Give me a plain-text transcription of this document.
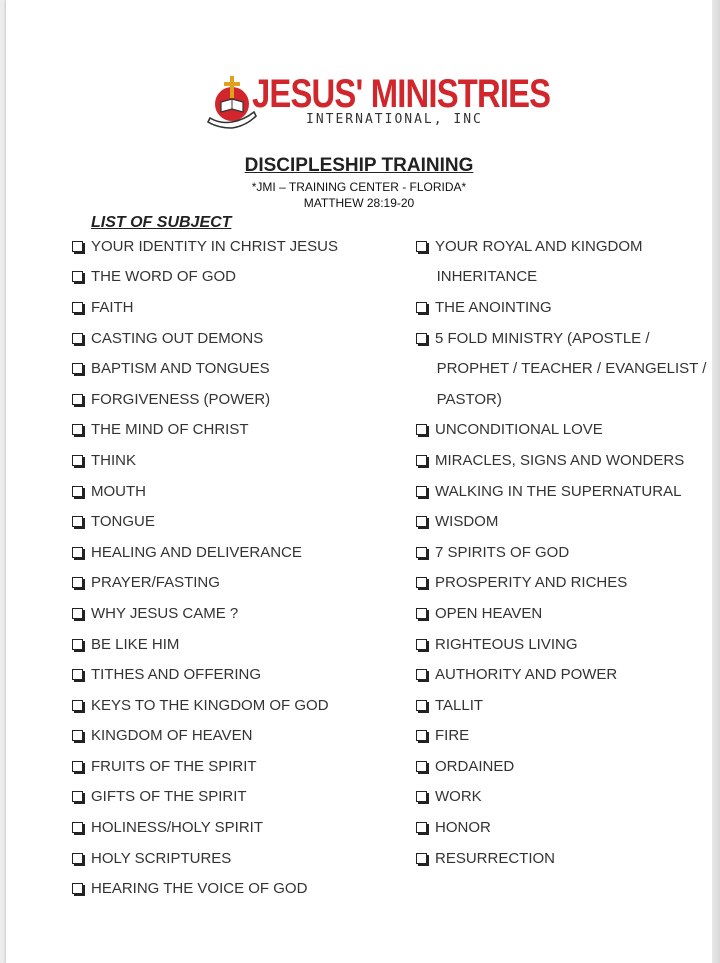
JESUS' MINISTRIES
INTERNATIONAL, INC
DISCIPLESHIP TRAINING
*JMI – TRAINING CENTER - FLORIDA*
MATTHEW 28:19-20
LIST OF SUBJECT
YOUR IDENTITY IN CHRIST JESUS
THE WORD OF GOD
FAITH
CASTING OUT DEMONS
BAPTISM AND TONGUES
FORGIVENESS (POWER)
THE MIND OF CHRIST
THINK
MOUTH
TONGUE
HEALING AND DELIVERANCE
PRAYER/FASTING
WHY JESUS CAME ?
BE LIKE HIM
TITHES AND OFFERING
KEYS TO THE KINGDOM OF GOD
KINGDOM OF HEAVEN
FRUITS OF THE SPIRIT
GIFTS OF THE SPIRIT
HOLINESS/HOLY SPIRIT
HOLY SCRIPTURES
HEARING THE VOICE OF GOD
YOUR ROYAL AND KINGDOM
INHERITANCE
THE ANOINTING
5 FOLD MINISTRY (APOSTLE /
PROPHET / TEACHER / EVANGELIST /
PASTOR)
UNCONDITIONAL LOVE
MIRACLES, SIGNS AND WONDERS
WALKING IN THE SUPERNATURAL
WISDOM
7 SPIRITS OF GOD
PROSPERITY AND RICHES
OPEN HEAVEN
RIGHTEOUS LIVING
AUTHORITY AND POWER
TALLIT
FIRE
ORDAINED
WORK
HONOR
RESURRECTION
